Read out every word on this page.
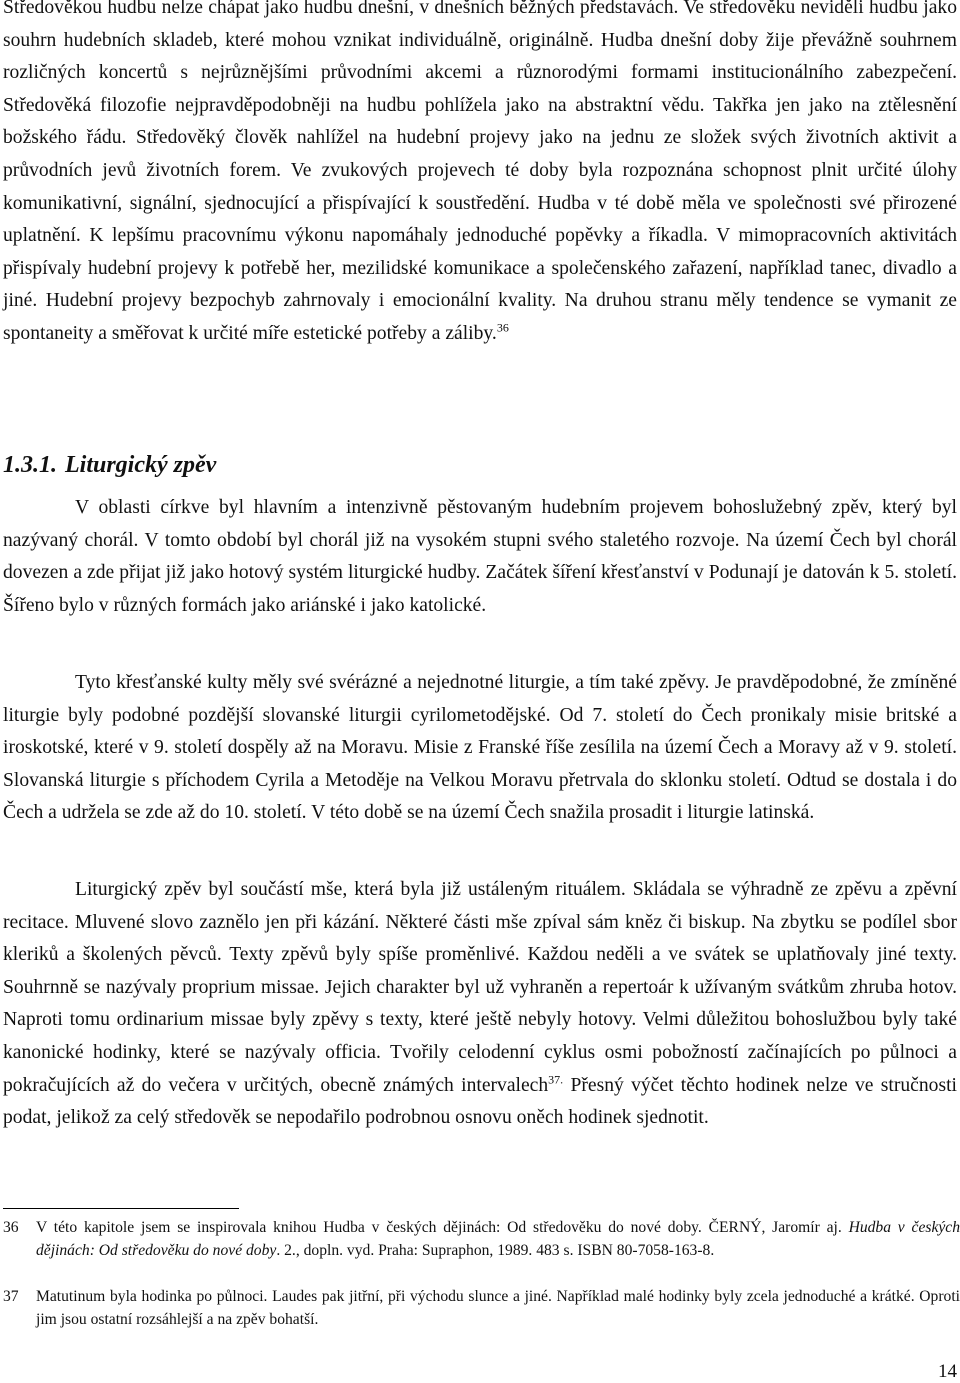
Středověkou hudbu nelze chápat jako hudbu dnešní, v dnešních běžných představách. Ve středověku neviděli hudbu jako souhrn hudebních skladeb, které mohou vznikat individuálně, originálně. Hudba dnešní doby žije převážně souhrnem rozličných koncertů s nejrůznějšími průvodními akcemi a různorodými formami institucionálního zabezpečení. Středověká filozofie nejpravděpodobněji na hudbu pohlížela jako na abstraktní vědu. Takřka jen jako na ztělesnění božského řádu. Středověký člověk nahlížel na hudební projevy jako na jednu ze složek svých životních aktivit a průvodních jevů životních forem. Ve zvukových projevech té doby byla rozpoznána schopnost plnit určité úlohy komunikativní, signální, sjednocující a přispívající k soustředění. Hudba v té době měla ve společnosti své přirozené uplatnění. K lepšímu pracovnímu výkonu napomáhaly jednoduché popěvky a říkadla. V mimopracovních aktivitách přispívaly hudební projevy k potřebě her, mezilidské komunikace a společenského zařazení, například tanec, divadlo a jiné. Hudební projevy bezpochyb zahrnovaly i emocionální kvality. Na druhou stranu měly tendence se vymanit ze spontaneity a směřovat k určité míře estetické potřeby a záliby.$^{36}$

1.3.1. Liturgický zpěv

V oblasti církve byl hlavním a intenzivně pěstovaným hudebním projevem bohoslužebný zpěv, který byl nazývaný chorál. V tomto období byl chorál již na vysokém stupni svého staletého rozvoje. Na území Čech byl chorál dovezen a zde přijat již jako hotový systém liturgické hudby. Začátek šíření křesťanství v Podunají je datován k 5. století. Šířeno bylo v různých formách jako ariánské i jako katolické.

Tyto křesťanské kulty měly své svérázné a nejednotné liturgie, a tím také zpěvy. Je pravděpodobné, že zmíněné liturgie byly podobné pozdější slovanské liturgii cyrilometodějské. Od 7. století do Čech pronikaly misie britské a iroskotské, které v 9. století dospěly až na Moravu. Misie z Franské říše zesílila na území Čech a Moravy až v 9. století. Slovanská liturgie s příchodem Cyrila a Metoděje na Velkou Moravu přetrvala do sklonku století. Odtud se dostala i do Čech a udržela se zde až do 10. století. V této době se na území Čech snažila prosadit i liturgie latinská.

Liturgický zpěv byl součástí mše, která byla již ustáleným rituálem. Skládala se výhradně ze zpěvu a zpěvní recitace. Mluvené slovo zaznělo jen při kázání. Některé části mše zpíval sám kněz či biskup. Na zbytku se podílel sbor kleriků a školených pěvců. Texty zpěvů byly spíše proměnlivé. Každou neděli a ve svátek se uplatňovaly jiné texty. Souhrnně se nazývaly proprium missae. Jejich charakter byl už vyhraněn a repertoár k užívaným svátkům zhruba hotov. Naproti tomu ordinarium missae byly zpěvy s texty, které ještě nebyly hotovy. Velmi důležitou bohoslužbou byly také kanonické hodinky, které se nazývaly officia. Tvořily celodenní cyklus osmi pobožností začínajících po půlnoci a pokračujících až do večera v určitých, obecně známých intervalech$^{37.}$ Přesný výčet těchto hodinek nelze ve stručnosti podat, jelikož za celý středověk se nepodařilo podrobnou osnovu oněch hodinek sjednotit.

36 V této kapitole jsem se inspirovala knihou Hudba v českých dějinách: Od středověku do nové doby. ČERNÝ, Jaromír aj. Hudba v českých dějinách: Od středověku do nové doby. 2., dopln. vyd. Praha: Supraphon, 1989. 483 s. ISBN 80-7058-163-8.

37 Matutinum byla hodinka po půlnoci. Laudes pak jitřní, při východu slunce a jiné. Například malé hodinky byly zcela jednoduché a krátké. Oproti jim jsou ostatní rozsáhlejší a na zpěv bohatší.

14
